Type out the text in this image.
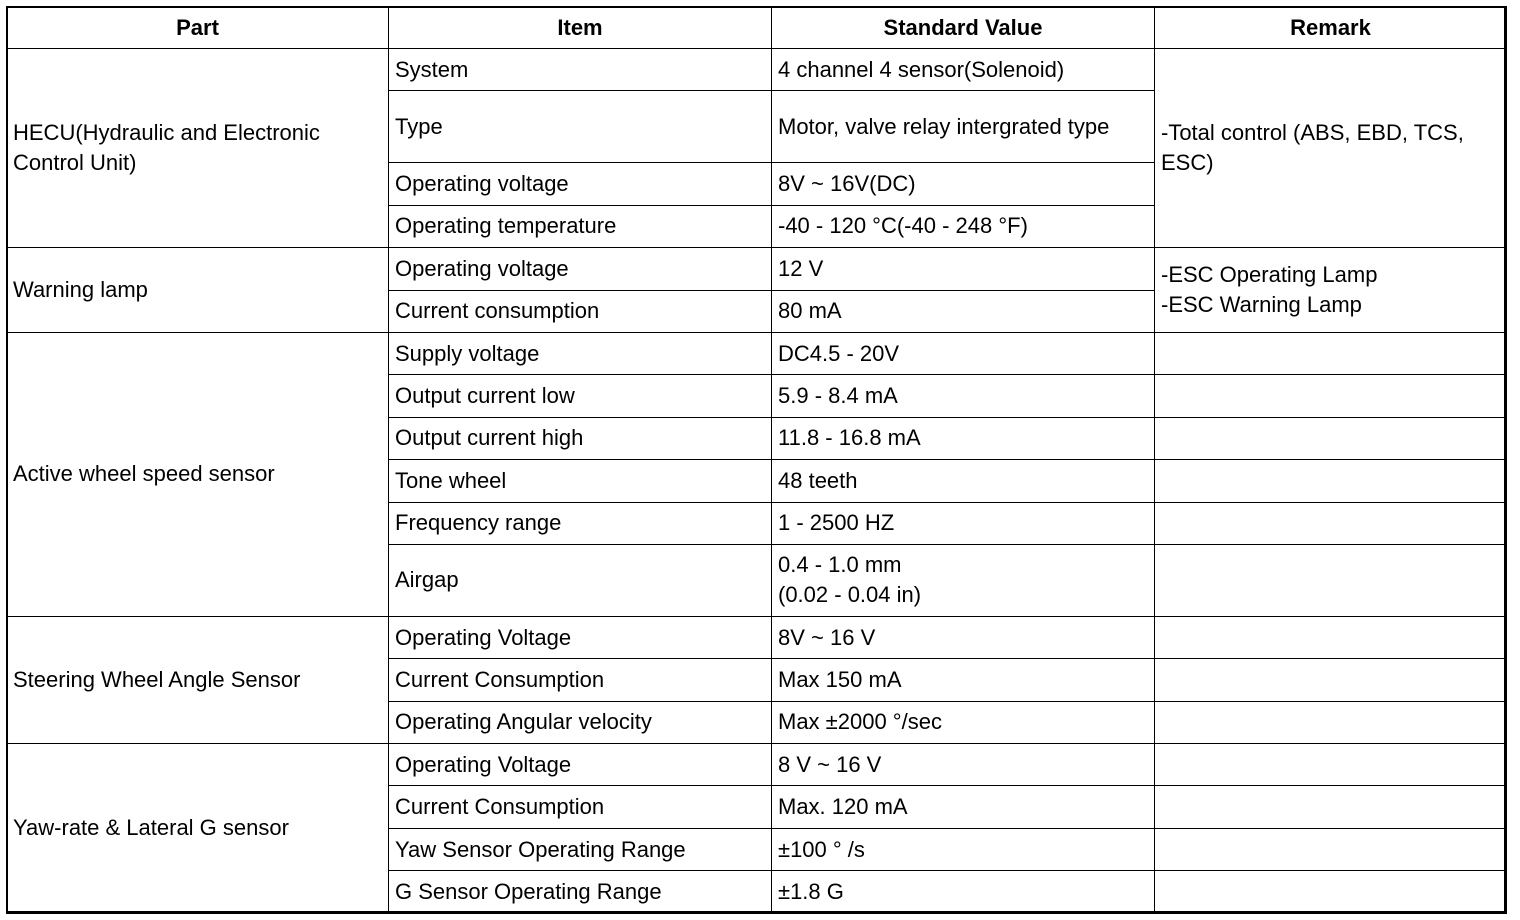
Part	Item	Standard Value	Remark
HECU(Hydraulic and Electronic Control Unit)	System	4 channel 4 sensor(Solenoid)	-Total control (ABS, EBD, TCS, ESC)
	Type	Motor, valve relay intergrated type	
	Operating voltage	8V ~ 16V(DC)	
	Operating temperature	-40 - 120 °C(-40 - 248 °F)	
Warning lamp	Operating voltage	12 V	-ESC Operating Lamp
-ESC Warning Lamp

	Current consumption	80 mA	
Active wheel speed sensor	Supply voltage	DC4.5 - 20V	
	Output current low	5.9 - 8.4 mA	
	Output current high	11.8 - 16.8 mA	
	Tone wheel	48 teeth	
	Frequency range	1 - 2500 HZ	
	Airgap	0.4 - 1.0 mm
(0.02 - 0.04 in)	

Steering Wheel Angle Sensor	Operating Voltage	8V ~ 16 V	
	Current Consumption	Max 150 mA	
	Operating Angular velocity	Max ±2000 °/sec	
Yaw-rate & Lateral G sensor	Operating Voltage	8 V ~ 16 V	
	Current Consumption	Max. 120 mA	
	Yaw Sensor Operating Range	±100 ° /s	
	G Sensor Operating Range	±1.8 G	
